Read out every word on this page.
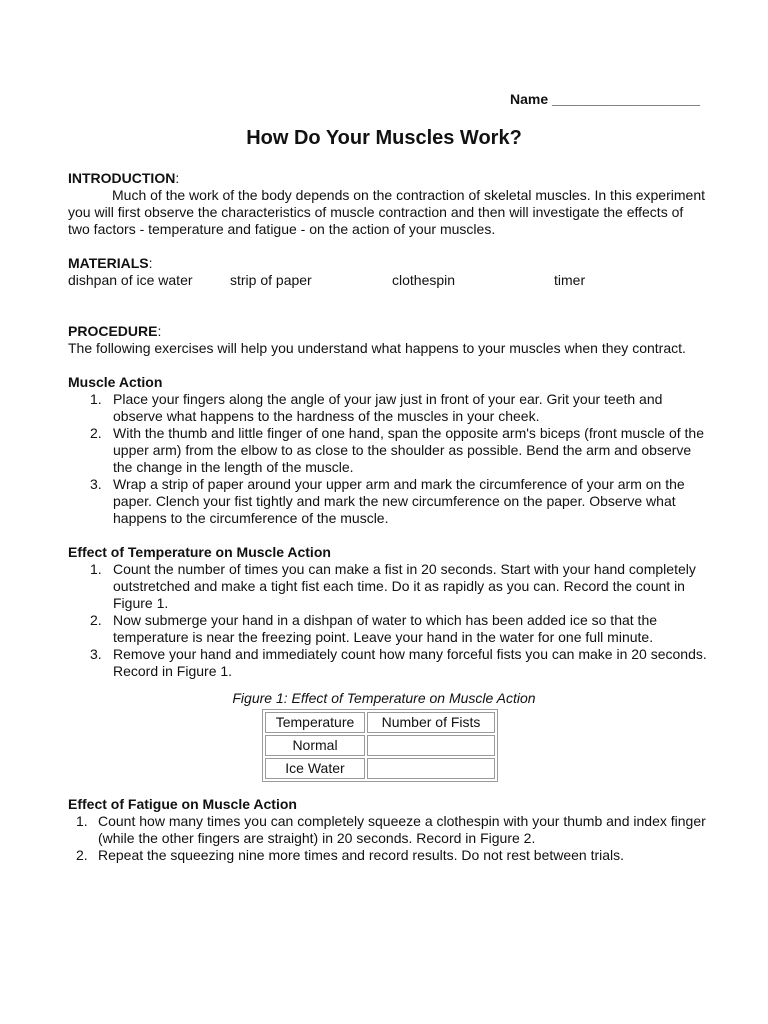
Name ___________________
How Do Your Muscles Work?
INTRODUCTION:

Much of the work of the body depends on the contraction of skeletal muscles. In this experiment you will first observe the characteristics of muscle contraction and then will investigate the effects of two factors - temperature and fatigue - on the action of your muscles.

MATERIALS:
dishpan of ice water	strip of paper	clothespin	timer
PROCEDURE:

The following exercises will help you understand what happens to your muscles when they contract.

Muscle Action
1. Place your fingers along the angle of your jaw just in front of your ear. Grit your teeth and observe what happens to the hardness of the muscles in your cheek.
2. With the thumb and little finger of one hand, span the opposite arm's biceps (front muscle of the upper arm) from the elbow to as close to the shoulder as possible. Bend the arm and observe the change in the length of the muscle.
3. Wrap a strip of paper around your upper arm and mark the circumference of your arm on the paper. Clench your fist tightly and mark the new circumference on the paper. Observe what happens to the circumference of the muscle.
Effect of Temperature on Muscle Action
1. Count the number of times you can make a fist in 20 seconds. Start with your hand completely outstretched and make a tight fist each time. Do it as rapidly as you can. Record the count in Figure 1.
2. Now submerge your hand in a dishpan of water to which has been added ice so that the temperature is near the freezing point. Leave your hand in the water for one full minute.
3. Remove your hand and immediately count how many forceful fists you can make in 20 seconds. Record in Figure 1.
Figure 1: Effect of Temperature on Muscle Action
Temperature	Number of Fists
Normal	
Ice Water	
Effect of Fatigue on Muscle Action
1. Count how many times you can completely squeeze a clothespin with your thumb and index finger (while the other fingers are straight) in 20 seconds. Record in Figure 2.
2. Repeat the squeezing nine more times and record results. Do not rest between trials.
